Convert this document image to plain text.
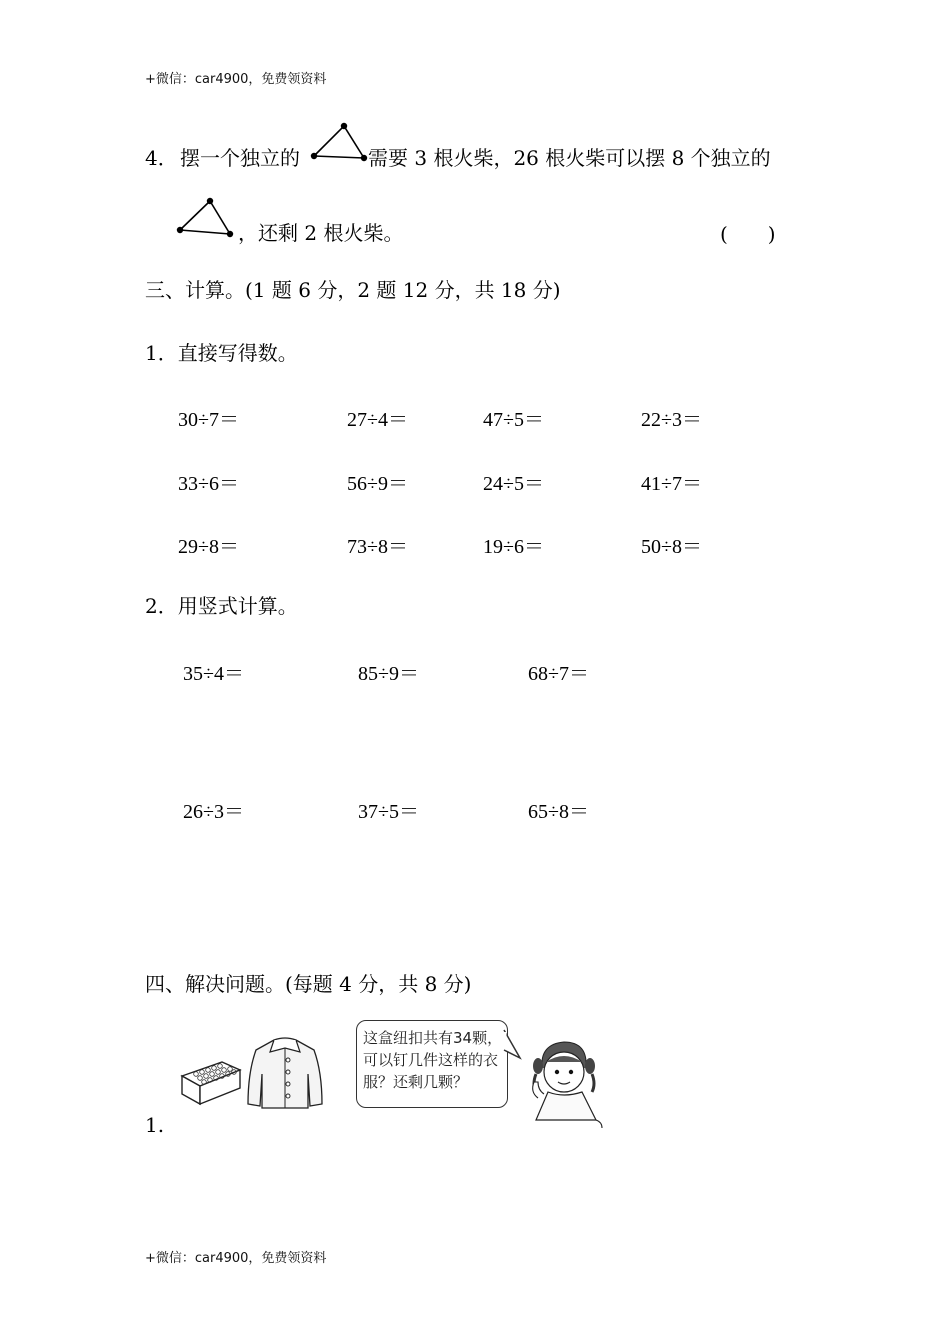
+微信：car4900，免费领资料
4． 摆一个独立的	需要 3 根火柴，26 根火柴可以摆 8 个独立的
，还剩 2 根火柴。	(　　)
三、计算。(1 题 6 分，2 题 12 分，共 18 分)
1．直接写得数。
30÷7＝	27÷4＝	47÷5＝	22÷3＝
33÷6＝	56÷9＝	24÷5＝	41÷7＝
29÷8＝	73÷8＝	19÷6＝	50÷8＝
2．用竖式计算。
35÷4＝	85÷9＝	68÷7＝
26÷3＝	37÷5＝	65÷8＝
四、解决问题。(每题 4 分，共 8 分)
这盒纽扣共有34颗，可以钉几件这样的衣服？还剩几颗？
1.
+微信：car4900，免费领资料
